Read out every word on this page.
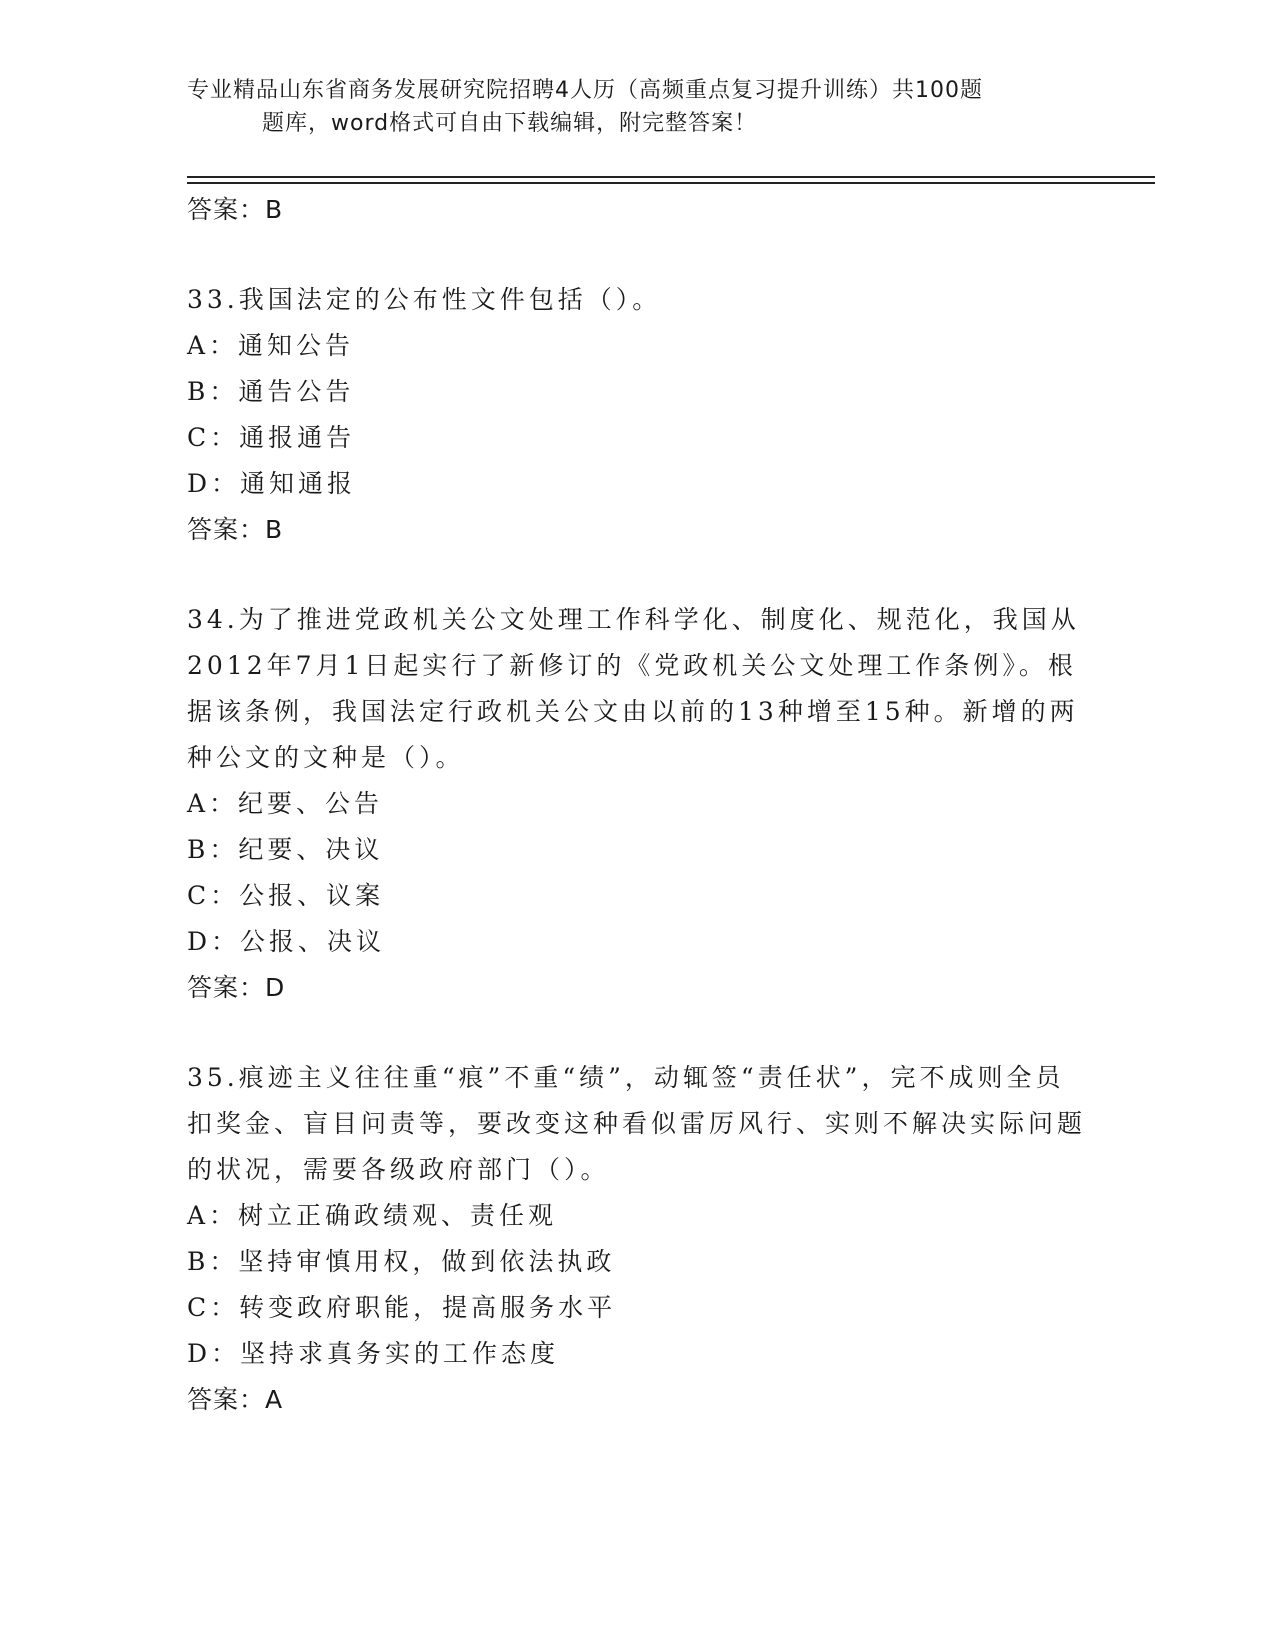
专业精品山东省商务发展研究院招聘4人历（高频重点复习提升训练）共100题
题库，word格式可自由下载编辑，附完整答案！
答案：B
33.我国法定的公布性文件包括（）。
A：通知公告
B：通告公告
C：通报通告
D：通知通报
答案：B
34.为了推进党政机关公文处理工作科学化、制度化、规范化，我国从2012年7月1日起实行了新修订的《党政机关公文处理工作条例》。根据该条例，我国法定行政机关公文由以前的13种增至15种。新增的两种公文的文种是（）。
A：纪要、公告
B：纪要、决议
C：公报、议案
D：公报、决议
答案：D
35.痕迹主义往往重“痕”不重“绩”，动辄签“责任状”，完不成则全员扣奖金、盲目问责等，要改变这种看似雷厉风行、实则不解决实际问题的状况，需要各级政府部门（）。
A：树立正确政绩观、责任观
B：坚持审慎用权，做到依法执政
C：转变政府职能，提高服务水平
D：坚持求真务实的工作态度
答案：A
